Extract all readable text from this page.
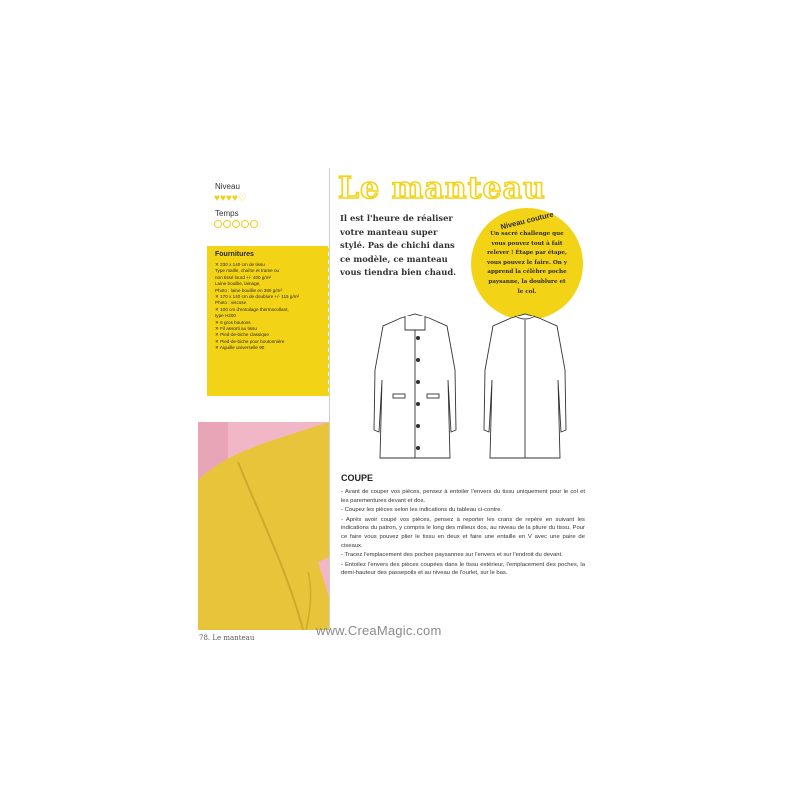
Niveau
♥♥♥♥♡
Temps
Fournitures
✕ 230 x 140 cm de tissu
Type maille, chaîne et trame ou
non tissé lourd +/- 400 g/m²
Laine bouillie, lainage,
Photo : laine bouillie en 380 g/m²
✕ 170 x 140 cm de doublure +/- 115 g/m²
Photo : viscose
✕ 100 cm d'entoilage thermocollant,
type H200
✕ 6 gros boutons
✕ Fil assorti au tissu
✕ Pied-de-biche classique
✕ Pied-de-biche pour boutonnière
✕ Aiguille universelle 90
78. Le manteau	www.CreaMagic.com
Le manteau
Il est l'heure de réaliser votre manteau super stylé. Pas de chichi dans ce modèle, ce manteau vous tiendra bien chaud.
Niveau couture
Un sacré challenge que vous pouvez tout à fait relever ! Étape par étape, vous pouvez le faire. On y apprend la célèbre poche paysanne, la doublure et le col.
COUPE
- Avant de couper vos pièces, pensez à entoiler l'envers du tissu uniquement pour le col et les parementures devant et dos.
- Coupez les pièces selon les indications du tableau ci-contre.
- Après avoir coupé vos pièces, pensez à reporter les crans de repère en suivant les indications du patron, y compris le long des milieux dos, au niveau de la pliure du tissu. Pour ce faire vous pouvez plier le tissu en deux et faire une entaille en V avec une paire de ciseaux.
- Tracez l'emplacement des poches paysannes sur l'envers et sur l'endroit du devant.
- Entoilez l'envers des pièces coupées dans le tissu extérieur, l'emplacement des poches, la demi-hauteur des passepoils et au niveau de l'ourlet, sur le bas.
